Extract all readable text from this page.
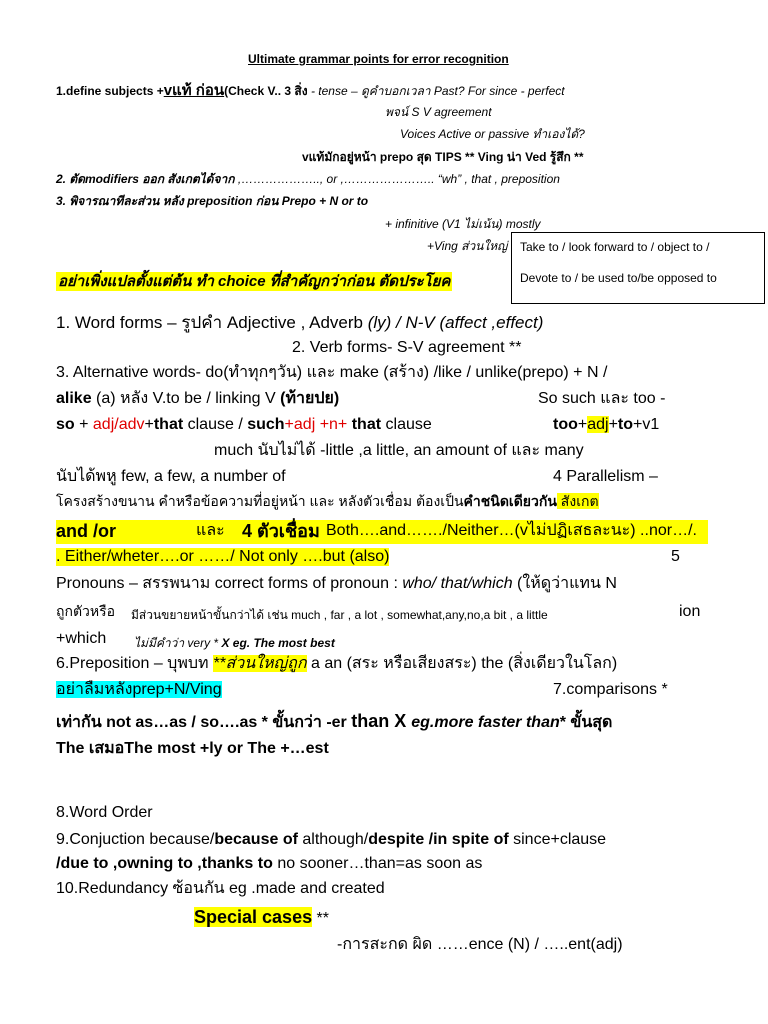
Ultimate grammar points for error recognition
1.define subjects +vแท้ ก่อน(Check V.. 3 สิ่ง - tense – ดูคำบอกเวลา Past? For since - perfect
พจน์ S V agreement
Voices Active or passive ทำเองได้?
vแท้มักอยู่หน้า prepo สุด TIPS ** Ving น่า Ved รู้สึก **
2. ตัดmodifiers ออก สังเกตได้จาก ,……………….., or ,………………….. “wh” , that , preposition
3. พิจารณาทีละส่วน หลัง preposition ก่อน Prepo + N or to
+ infinitive (V1 ไม่เน้น) mostly
+Ving ส่วนใหญ่
อย่าเพิ่งแปลตั้งแต่ต้น ทำ choice ที่สำคัญกว่าก่อน ตัดประโยค
Take to / look forward to / object to /
Devote to / be used to/be opposed to
1. Word forms – รูปคำ Adjective , Adverb (ly) / N-V (affect ,effect)
2. Verb forms- S-V agreement **
3. Alternative words- do(ทำทุกๆวัน) และ make (สร้าง) /like / unlike(prepo) + N /
alike (a) หลัง V.to be / linking V (ท้ายปย)	So such และ too -
so + adj/adv+that clause / such+adj +n+ that clause	too+adj+to+v1
much นับไม่ได้ -little ,a little, an amount of และ many
นับได้พหู few, a few, a number of	4 Parallelism –
โครงสร้างขนาน คำหรือข้อความที่อยู่หน้า และ หลังตัวเชื่อม ต้องเป็นคำชนิดเดียวกัน สังเกต
and /or	และ 4 ตัวเชื่อม Both….and……./Neither…(vไม่ปฏิเสธละนะ) ..nor…/.
. Either/wheter….or ……/ Not only ….but (also)	5
Pronouns – สรรพนาม correct forms of pronoun : who/ that/which (ให้ดูว่าแทน N
ถูกตัวหรือ มีส่วนขยายหน้าขั้นกว่าได้ เช่น much , far , a lot , somewhat,any,no,a bit , a little	ion
+which ไม่มีคำว่า very * X eg. The most best
6.Preposition – บุพบท **ส่วนใหญ่ถูก a an (สระ หรือเสียงสระ) the (สิ่งเดียวในโลก)
อย่าลืมหลังprep+N/Ving	7.comparisons *
เท่ากัน not as…as / so….as * ขั้นกว่า -er than X eg.more faster than* ขั้นสุด
The เสมอThe most +ly or The +…est
8.Word Order
9.Conjuction because/because of although/despite /in spite of since+clause
/due to ,owning to ,thanks to no sooner…than=as soon as
10.Redundancy ซ้อนกัน eg .made and created
Special cases **
-การสะกด ผิด ……ence (N) / …..ent(adj)
